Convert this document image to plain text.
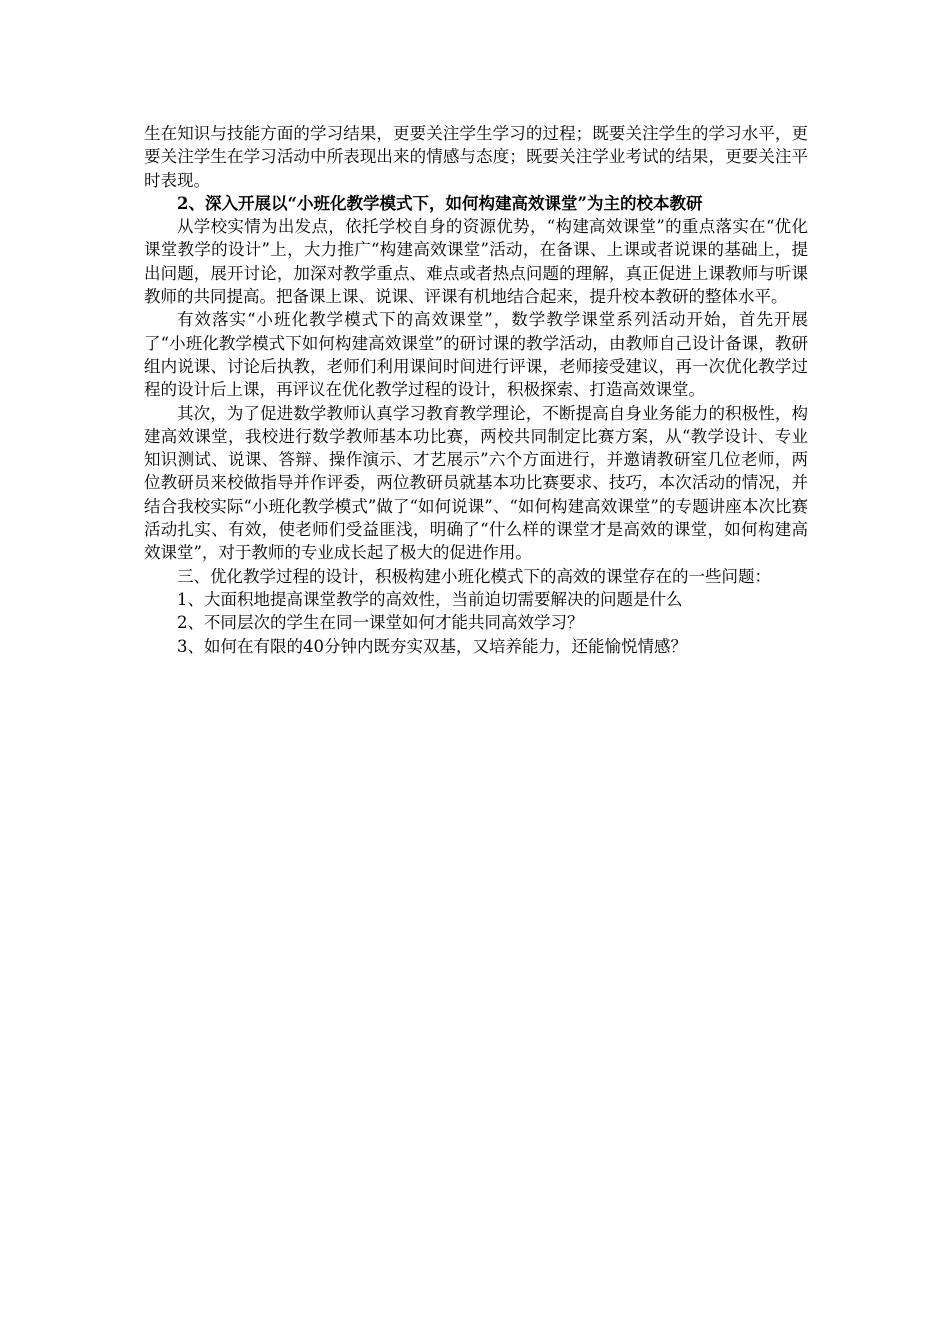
生在知识与技能方面的学习结果，更要关注学生学习的过程；既要关注学生的学习水平，更要关注学生在学习活动中所表现出来的情感与态度；既要关注学业考试的结果，更要关注平时表现。

2、深入开展以“小班化教学模式下，如何构建高效课堂”为主的校本教研

从学校实情为出发点，依托学校自身的资源优势，“构建高效课堂”的重点落实在“优化课堂教学的设计”上，大力推广“构建高效课堂”活动，在备课、上课或者说课的基础上，提出问题，展开讨论，加深对教学重点、难点或者热点问题的理解，真正促进上课教师与听课教师的共同提高。把备课上课、说课、评课有机地结合起来，提升校本教研的整体水平。

有效落实“小班化教学模式下的高效课堂”，数学教学课堂系列活动开始，首先开展了“小班化教学模式下如何构建高效课堂”的研讨课的教学活动，由教师自己设计备课，教研组内说课、讨论后执教，老师们利用课间时间进行评课，老师接受建议，再一次优化教学过程的设计后上课，再评议在优化教学过程的设计，积极探索、打造高效课堂。

其次，为了促进数学教师认真学习教育教学理论，不断提高自身业务能力的积极性，构建高效课堂，我校进行数学教师基本功比赛，两校共同制定比赛方案，从“教学设计、专业知识测试、说课、答辩、操作演示、才艺展示”六个方面进行，并邀请教研室几位老师，两位教研员来校做指导并作评委，两位教研员就基本功比赛要求、技巧，本次活动的情况，并结合我校实际“小班化教学模式”做了“如何说课”、“如何构建高效课堂”的专题讲座本次比赛活动扎实、有效，使老师们受益匪浅，明确了“什么样的课堂才是高效的课堂，如何构建高效课堂”，对于教师的专业成长起了极大的促进作用。

三、优化教学过程的设计，积极构建小班化模式下的高效的课堂存在的一些问题：

1、大面积地提高课堂教学的高效性，当前迫切需要解决的问题是什么

2、不同层次的学生在同一课堂如何才能共同高效学习？

3、如何在有限的40分钟内既夯实双基，又培养能力，还能愉悦情感？
